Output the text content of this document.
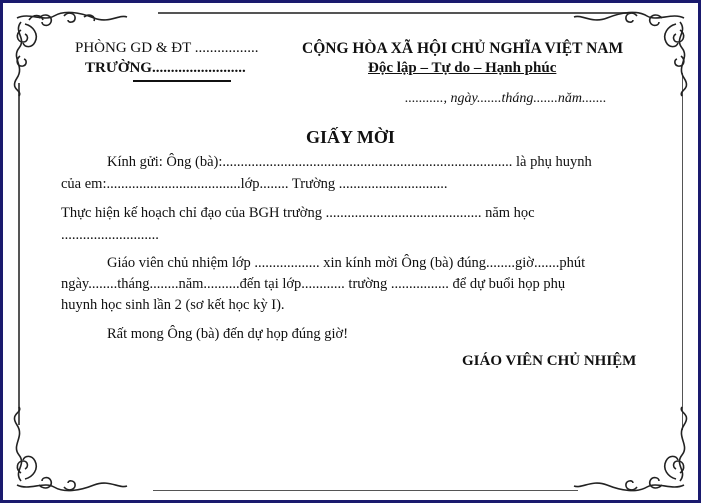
PHÒNG GD & ĐT .................
TRƯỜNG.........................
CỘNG HÒA XÃ HỘI CHỦ NGHĨA VIỆT NAM
Độc lập – Tự do – Hạnh phúc
..........., ngày.......tháng.......năm.......
GIẤY MỜI
Kính gửi: Ông (bà):................................................................................ là phụ huynh
của em:.....................................lớp........ Trường ..............................
Thực hiện kế hoạch chỉ đạo của BGH trường ........................................... năm học
...........................
Giáo viên chủ nhiệm lớp .................. xin kính mời Ông (bà) đúng........giờ.......phút
ngày........tháng........năm..........đến tại lớp............ trường ................ để dự buổi họp phụ
huynh học sinh lần 2 (sơ kết học kỳ I).
Rất mong Ông (bà) đến dự họp đúng giờ!
GIÁO VIÊN CHỦ NHIỆM
